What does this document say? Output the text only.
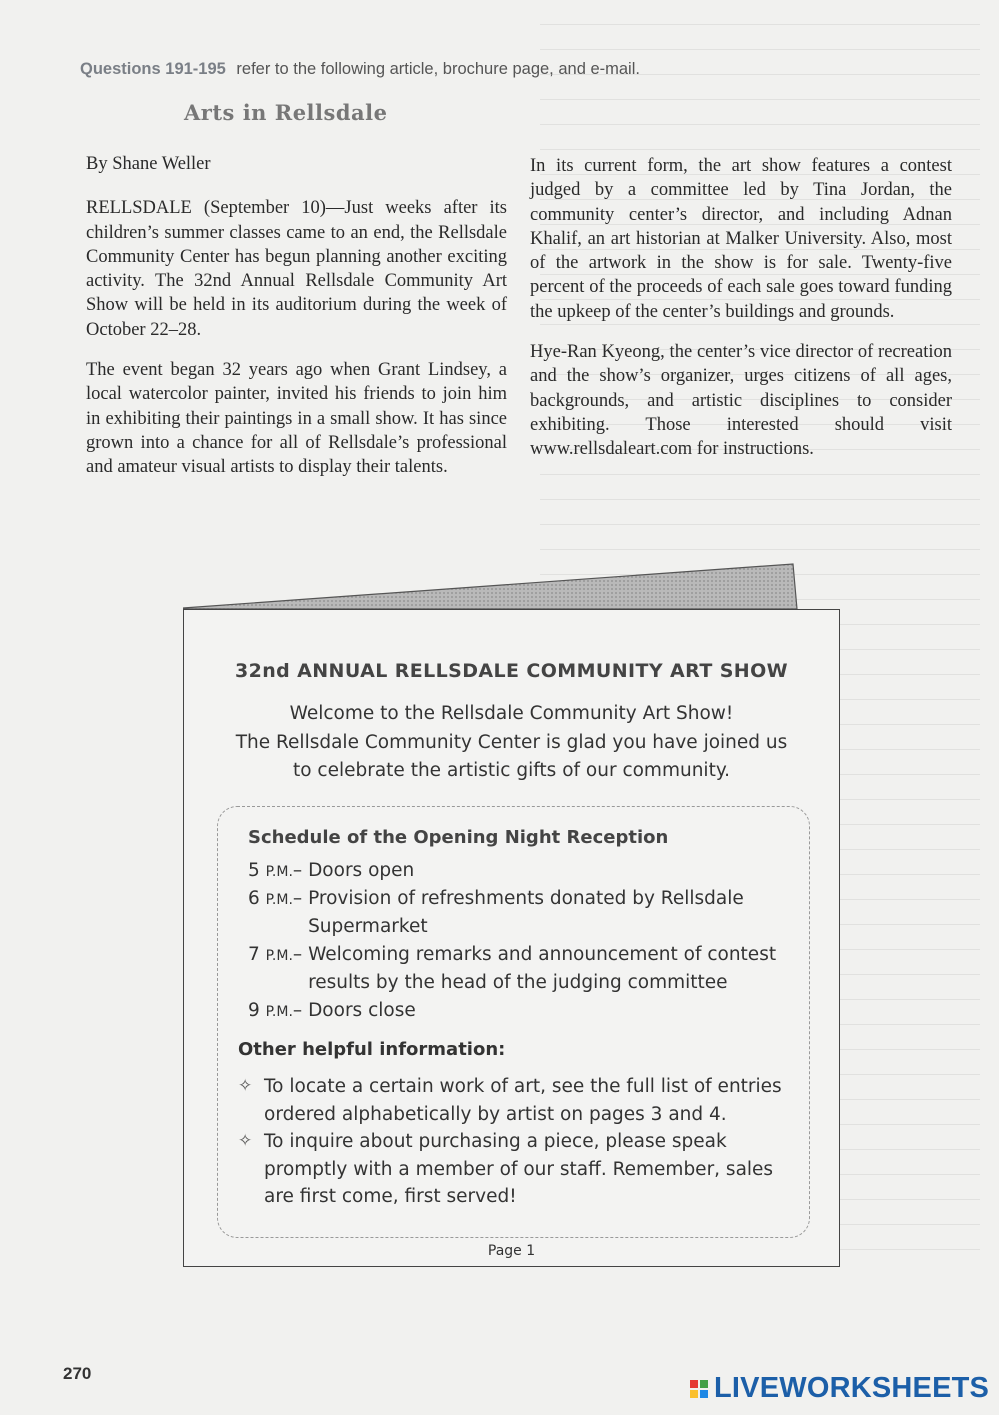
Questions 191-195 refer to the following article, brochure page, and e-mail.
Arts in Rellsdale

By Shane Weller

RELLSDALE (September 10)—Just weeks after its children’s summer classes came to an end, the Rellsdale Community Center has begun planning another exciting activity. The 32nd Annual Rellsdale Community Art Show will be held in its auditorium during the week of October 22–28.

The event began 32 years ago when Grant Lindsey, a local watercolor painter, invited his friends to join him in exhibiting their paintings in a small show. It has since grown into a chance for all of Rellsdale’s professional and amateur visual artists to display their talents.

In its current form, the art show features a contest judged by a committee led by Tina Jordan, the community center’s director, and including Adnan Khalif, an art historian at Malker University. Also, most of the artwork in the show is for sale. Twenty-five percent of the proceeds of each sale goes toward funding the upkeep of the center’s buildings and grounds.

Hye-Ran Kyeong, the center’s vice director of recreation and the show’s organizer, urges citizens of all ages, backgrounds, and artistic disciplines to consider exhibiting. Those interested should visit www.rellsdaleart.com for instructions.

32nd ANNUAL RELLSDALE COMMUNITY ART SHOW
Welcome to the Rellsdale Community Art Show!
The Rellsdale Community Center is glad you have joined us
to celebrate the artistic gifts of our community.
Schedule of the Opening Night Reception
5 P.M.– Doors open
6 P.M.– Provision of refreshments donated by Rellsdale Supermarket
7 P.M.– Welcoming remarks and announcement of contest results by the head of the judging committee
9 P.M.– Doors close
Other helpful information:
✧ To locate a certain work of art, see the full list of entries ordered alphabetically by artist on pages 3 and 4.
✧ To inquire about purchasing a piece, please speak promptly with a member of our staff. Remember, sales are first come, first served!
Page 1
270	LIVEWORKSHEETS
